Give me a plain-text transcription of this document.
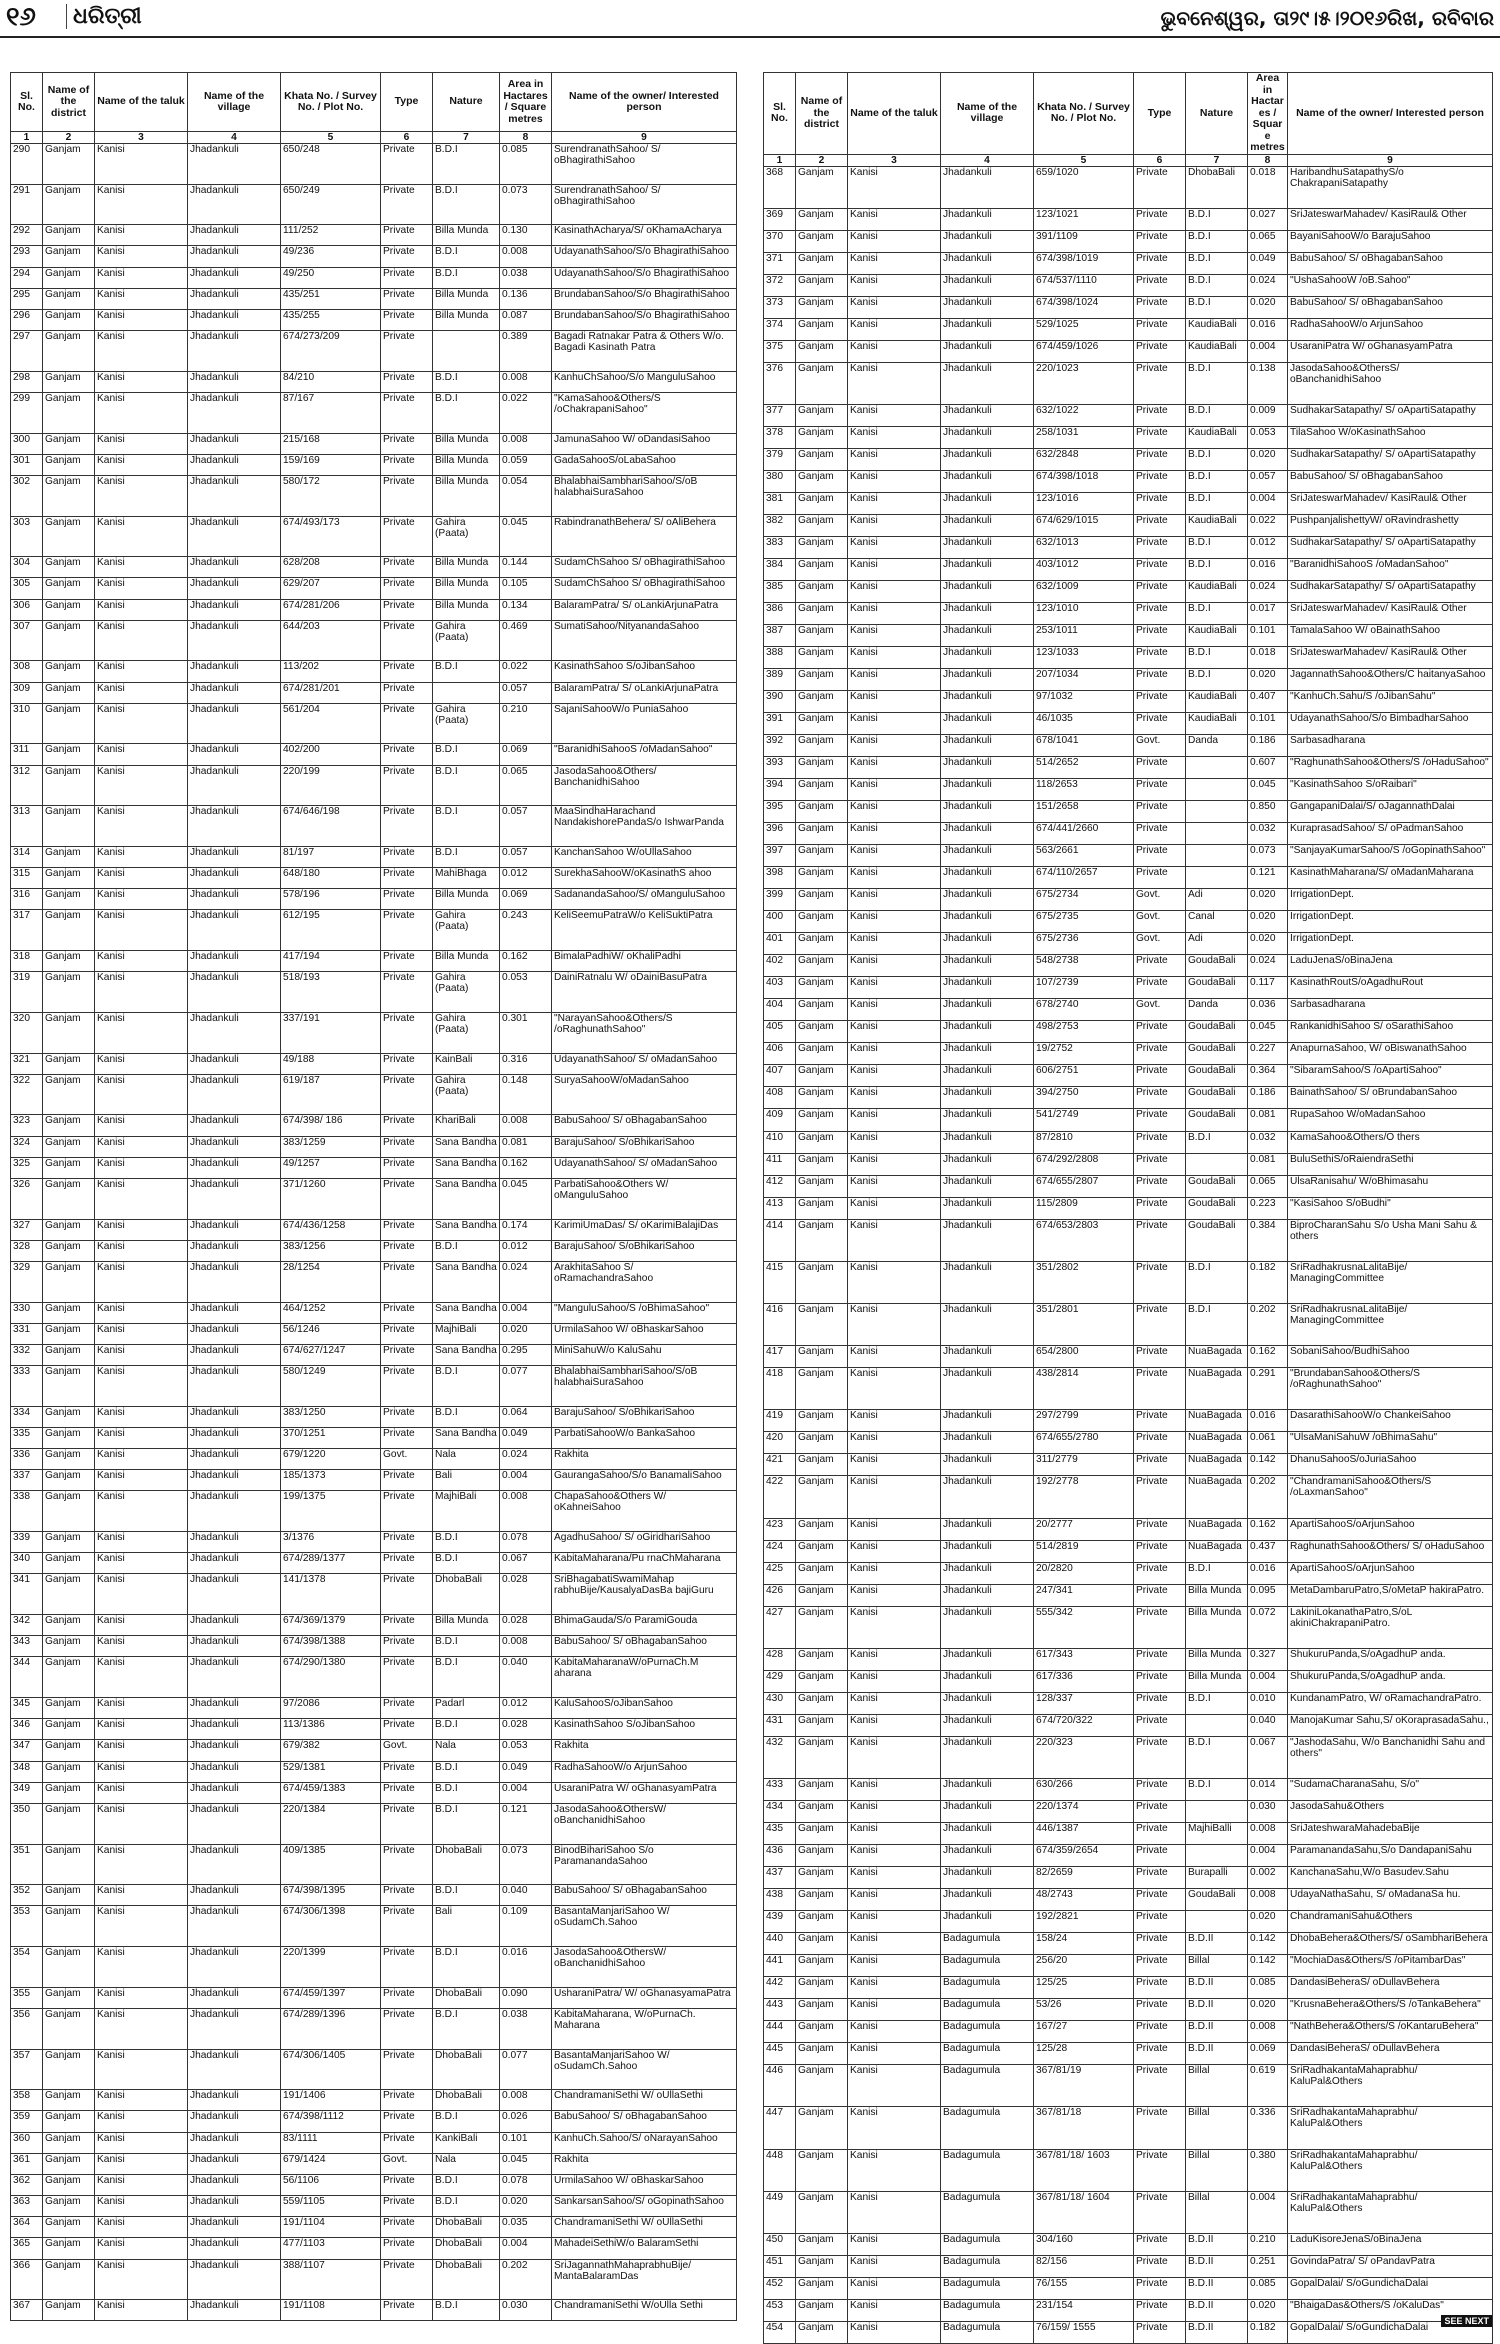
୧୬	ଧରିତ୍ରୀ	ଭୁବନେଶ୍ୱର, ତା୨୯।୫।୨୦୧୬ରିଖ, ରବିବାର
Sl. No.	Name of the district	Name of the taluk	Name of the village	Khata No. / Survey No. / Plot No.	Type	Nature	Area in Hactares / Square metres	Name of the owner/ Interested person
1	2	3	4	5	6	7	8	9
290	Ganjam	Kanisi	Jhadankuli	650/248	Private	B.D.I	0.085	SurendranathSahoo/ S/ oBhagirathiSahoo
291	Ganjam	Kanisi	Jhadankuli	650/249	Private	B.D.I	0.073	SurendranathSahoo/ S/ oBhagirathiSahoo
292	Ganjam	Kanisi	Jhadankuli	111/252	Private	Billa Munda	0.130	KasinathAcharya/S/ oKhamaAcharya
293	Ganjam	Kanisi	Jhadankuli	49/236	Private	B.D.I	0.008	UdayanathSahoo/S/o BhagirathiSahoo
294	Ganjam	Kanisi	Jhadankuli	49/250	Private	B.D.I	0.038	UdayanathSahoo/S/o BhagirathiSahoo
295	Ganjam	Kanisi	Jhadankuli	435/251	Private	Billa Munda	0.136	BrundabanSahoo/S/o BhagirathiSahoo
296	Ganjam	Kanisi	Jhadankuli	435/255	Private	Billa Munda	0.087	BrundabanSahoo/S/o BhagirathiSahoo
297	Ganjam	Kanisi	Jhadankuli	674/273/209	Private		0.389	Bagadi Ratnakar Patra & Others W/o. Bagadi Kasinath Patra
298	Ganjam	Kanisi	Jhadankuli	84/210	Private	B.D.I	0.008	KanhuChSahoo/S/o ManguluSahoo
299	Ganjam	Kanisi	Jhadankuli	87/167	Private	B.D.I	0.022	"KamaSahoo&Others/S /oChakrapaniSahoo"
300	Ganjam	Kanisi	Jhadankuli	215/168	Private	Billa Munda	0.008	JamunaSahoo W/ oDandasiSahoo
301	Ganjam	Kanisi	Jhadankuli	159/169	Private	Billa Munda	0.059	GadaSahooS/oLabaSahoo
302	Ganjam	Kanisi	Jhadankuli	580/172	Private	Billa Munda	0.054	BhalabhaiSambhariSahoo/S/oB halabhaiSuraSahoo
303	Ganjam	Kanisi	Jhadankuli	674/493/173	Private	Gahira (Paata)	0.045	RabindranathBehera/ S/ oAliBehera
304	Ganjam	Kanisi	Jhadankuli	628/208	Private	Billa Munda	0.144	SudamChSahoo S/ oBhagirathiSahoo
305	Ganjam	Kanisi	Jhadankuli	629/207	Private	Billa Munda	0.105	SudamChSahoo S/ oBhagirathiSahoo
306	Ganjam	Kanisi	Jhadankuli	674/281/206	Private	Billa Munda	0.134	BalaramPatra/ S/ oLankiArjunaPatra
307	Ganjam	Kanisi	Jhadankuli	644/203	Private	Gahira (Paata)	0.469	SumatiSahoo/NityanandaSahoo
308	Ganjam	Kanisi	Jhadankuli	113/202	Private	B.D.I	0.022	KasinathSahoo S/oJibanSahoo
309	Ganjam	Kanisi	Jhadankuli	674/281/201	Private		0.057	BalaramPatra/ S/ oLankiArjunaPatra
310	Ganjam	Kanisi	Jhadankuli	561/204	Private	Gahira (Paata)	0.210	SajaniSahooW/o PuniaSahoo
311	Ganjam	Kanisi	Jhadankuli	402/200	Private	B.D.I	0.069	"BaranidhiSahooS /oMadanSahoo"
312	Ganjam	Kanisi	Jhadankuli	220/199	Private	B.D.I	0.065	JasodaSahoo&Others/ BanchanidhiSahoo
313	Ganjam	Kanisi	Jhadankuli	674/646/198	Private	B.D.I	0.057	MaaSindhaHarachand NandakishorePandaS/o IshwarPanda
314	Ganjam	Kanisi	Jhadankuli	81/197	Private	B.D.I	0.057	KanchanSahoo W/oUllaSahoo
315	Ganjam	Kanisi	Jhadankuli	648/180	Private	MahiBhaga	0.012	SurekhaSahooW/oKasinathS ahoo
316	Ganjam	Kanisi	Jhadankuli	578/196	Private	Billa Munda	0.069	SadanandaSahoo/S/ oManguluSahoo
317	Ganjam	Kanisi	Jhadankuli	612/195	Private	Gahira (Paata)	0.243	KeliSeemuPatraW/o KeliSuktiPatra
318	Ganjam	Kanisi	Jhadankuli	417/194	Private	Billa Munda	0.162	BimalaPadhiW/ oKhaliPadhi
319	Ganjam	Kanisi	Jhadankuli	518/193	Private	Gahira (Paata)	0.053	DainiRatnalu W/ oDainiBasuPatra
320	Ganjam	Kanisi	Jhadankuli	337/191	Private	Gahira (Paata)	0.301	"NarayanSahoo&Others/S /oRaghunathSahoo"
321	Ganjam	Kanisi	Jhadankuli	49/188	Private	KainBali	0.316	UdayanathSahoo/ S/ oMadanSahoo
322	Ganjam	Kanisi	Jhadankuli	619/187	Private	Gahira (Paata)	0.148	SuryaSahooW/oMadanSahoo
323	Ganjam	Kanisi	Jhadankuli	674/398/ 186	Private	KhariBali	0.008	BabuSahoo/ S/ oBhagabanSahoo
324	Ganjam	Kanisi	Jhadankuli	383/1259	Private	Sana Bandha	0.081	BarajuSahoo/ S/oBhikariSahoo
325	Ganjam	Kanisi	Jhadankuli	49/1257	Private	Sana Bandha	0.162	UdayanathSahoo/ S/ oMadanSahoo
326	Ganjam	Kanisi	Jhadankuli	371/1260	Private	Sana Bandha	0.045	ParbatiSahoo&Others W/ oManguluSahoo
327	Ganjam	Kanisi	Jhadankuli	674/436/1258	Private	Sana Bandha	0.174	KarimiUmaDas/ S/ oKarimiBalajiDas
328	Ganjam	Kanisi	Jhadankuli	383/1256	Private	B.D.I	0.012	BarajuSahoo/ S/oBhikariSahoo
329	Ganjam	Kanisi	Jhadankuli	28/1254	Private	Sana Bandha	0.024	ArakhitaSahoo S/ oRamachandraSahoo
330	Ganjam	Kanisi	Jhadankuli	464/1252	Private	Sana Bandha	0.004	"ManguluSahoo/S /oBhimaSahoo"
331	Ganjam	Kanisi	Jhadankuli	56/1246	Private	MajhiBali	0.020	UrmilaSahoo W/ oBhaskarSahoo
332	Ganjam	Kanisi	Jhadankuli	674/627/1247	Private	Sana Bandha	0.295	MiniSahuW/o KaluSahu
333	Ganjam	Kanisi	Jhadankuli	580/1249	Private	B.D.I	0.077	BhalabhaiSambhariSahoo/S/oB halabhaiSuraSahoo
334	Ganjam	Kanisi	Jhadankuli	383/1250	Private	B.D.I	0.064	BarajuSahoo/ S/oBhikariSahoo
335	Ganjam	Kanisi	Jhadankuli	370/1251	Private	Sana Bandha	0.049	ParbatiSahooW/o BankaSahoo
336	Ganjam	Kanisi	Jhadankuli	679/1220	Govt.	Nala	0.024	Rakhita
337	Ganjam	Kanisi	Jhadankuli	185/1373	Private	Bali	0.004	GaurangaSahoo/S/o BanamaliSahoo
338	Ganjam	Kanisi	Jhadankuli	199/1375	Private	MajhiBali	0.008	ChapaSahoo&Others W/ oKahneiSahoo
339	Ganjam	Kanisi	Jhadankuli	3/1376	Private	B.D.I	0.078	AgadhuSahoo/ S/ oGiridhariSahoo
340	Ganjam	Kanisi	Jhadankuli	674/289/1377	Private	B.D.I	0.067	KabitaMaharana/Pu rnaChMaharana
341	Ganjam	Kanisi	Jhadankuli	141/1378	Private	DhobaBali	0.028	SriBhagabatiSwamiMahap rabhuBije/KausalyaDasBa bajiGuru
342	Ganjam	Kanisi	Jhadankuli	674/369/1379	Private	Billa Munda	0.028	BhimaGauda/S/o ParamiGouda
343	Ganjam	Kanisi	Jhadankuli	674/398/1388	Private	B.D.I	0.008	BabuSahoo/ S/ oBhagabanSahoo
344	Ganjam	Kanisi	Jhadankuli	674/290/1380	Private	B.D.I	0.040	KabitaMaharanaW/oPurnaCh.M aharana
345	Ganjam	Kanisi	Jhadankuli	97/2086	Private	Padarl	0.012	KaluSahooS/oJibanSahoo
346	Ganjam	Kanisi	Jhadankuli	113/1386	Private	B.D.I	0.028	KasinathSahoo S/oJibanSahoo
347	Ganjam	Kanisi	Jhadankuli	679/382	Govt.	Nala	0.053	Rakhita
348	Ganjam	Kanisi	Jhadankuli	529/1381	Private	B.D.I	0.049	RadhaSahooW/o ArjunSahoo
349	Ganjam	Kanisi	Jhadankuli	674/459/1383	Private	B.D.I	0.004	UsaraniPatra W/ oGhanasyamPatra
350	Ganjam	Kanisi	Jhadankuli	220/1384	Private	B.D.I	0.121	JasodaSahoo&OthersW/ oBanchanidhiSahoo
351	Ganjam	Kanisi	Jhadankuli	409/1385	Private	DhobaBali	0.073	BinodBihariSahoo S/o ParamanandaSahoo
352	Ganjam	Kanisi	Jhadankuli	674/398/1395	Private	B.D.I	0.040	BabuSahoo/ S/ oBhagabanSahoo
353	Ganjam	Kanisi	Jhadankuli	674/306/1398	Private	Bali	0.109	BasantaManjariSahoo W/ oSudamCh.Sahoo
354	Ganjam	Kanisi	Jhadankuli	220/1399	Private	B.D.I	0.016	JasodaSahoo&OthersW/ oBanchanidhiSahoo
355	Ganjam	Kanisi	Jhadankuli	674/459/1397	Private	DhobaBali	0.090	UsharaniPatra/ W/ oGhanasyamaPatra
356	Ganjam	Kanisi	Jhadankuli	674/289/1396	Private	B.D.I	0.038	KabitaMaharana, W/oPurnaCh. Maharana
357	Ganjam	Kanisi	Jhadankuli	674/306/1405	Private	DhobaBali	0.077	BasantaManjariSahoo W/ oSudamCh.Sahoo
358	Ganjam	Kanisi	Jhadankuli	191/1406	Private	DhobaBali	0.008	ChandramaniSethi W/ oUllaSethi
359	Ganjam	Kanisi	Jhadankuli	674/398/1112	Private	B.D.I	0.026	BabuSahoo/ S/ oBhagabanSahoo
360	Ganjam	Kanisi	Jhadankuli	83/1111	Private	KankiBali	0.101	KanhuCh.Sahoo/S/ oNarayanSahoo
361	Ganjam	Kanisi	Jhadankuli	679/1424	Govt.	Nala	0.045	Rakhita
362	Ganjam	Kanisi	Jhadankuli	56/1106	Private	B.D.I	0.078	UrmilaSahoo W/ oBhaskarSahoo
363	Ganjam	Kanisi	Jhadankuli	559/1105	Private	B.D.I	0.020	SankarsanSahoo/S/ oGopinathSahoo
364	Ganjam	Kanisi	Jhadankuli	191/1104	Private	DhobaBali	0.035	ChandramaniSethi W/ oUllaSethi
365	Ganjam	Kanisi	Jhadankuli	477/1103	Private	DhobaBali	0.004	MahadeiSethiW/o BalaramSethi
366	Ganjam	Kanisi	Jhadankuli	388/1107	Private	DhobaBali	0.202	SriJagannathMahaprabhuBije/ MantaBalaramDas
367	Ganjam	Kanisi	Jhadankuli	191/1108	Private	B.D.I	0.030	ChandramaniSethi W/oUlla Sethi
Sl. No.	Name of the district	Name of the taluk	Name of the village	Khata No. / Survey No. / Plot No.	Type	Nature	Area in Hactares / Square metres	Name of the owner/ Interested person
1	2	3	4	5	6	7	8	9
368	Ganjam	Kanisi	Jhadankuli	659/1020	Private	DhobaBali	0.018	HaribandhuSatapathyS/o ChakrapaniSatapathy
369	Ganjam	Kanisi	Jhadankuli	123/1021	Private	B.D.I	0.027	SriJateswarMahadev/ KasiRaul& Other
370	Ganjam	Kanisi	Jhadankuli	391/1109	Private	B.D.I	0.065	BayaniSahooW/o BarajuSahoo
371	Ganjam	Kanisi	Jhadankuli	674/398/1019	Private	B.D.I	0.049	BabuSahoo/ S/ oBhagabanSahoo
372	Ganjam	Kanisi	Jhadankuli	674/537/1110	Private	B.D.I	0.024	"UshaSahooW /oB.Sahoo"
373	Ganjam	Kanisi	Jhadankuli	674/398/1024	Private	B.D.I	0.020	BabuSahoo/ S/ oBhagabanSahoo
374	Ganjam	Kanisi	Jhadankuli	529/1025	Private	KaudiaBali	0.016	RadhaSahooW/o ArjunSahoo
375	Ganjam	Kanisi	Jhadankuli	674/459/1026	Private	KaudiaBali	0.004	UsaraniPatra W/ oGhanasyamPatra
376	Ganjam	Kanisi	Jhadankuli	220/1023	Private	B.D.I	0.138	JasodaSahoo&OthersS/ oBanchanidhiSahoo
377	Ganjam	Kanisi	Jhadankuli	632/1022	Private	B.D.I	0.009	SudhakarSatapathy/ S/ oApartiSatapathy
378	Ganjam	Kanisi	Jhadankuli	258/1031	Private	KaudiaBali	0.053	TilaSahoo W/oKasinathSahoo
379	Ganjam	Kanisi	Jhadankuli	632/2848	Private	B.D.I	0.020	SudhakarSatapathy/ S/ oApartiSatapathy
380	Ganjam	Kanisi	Jhadankuli	674/398/1018	Private	B.D.I	0.057	BabuSahoo/ S/ oBhagabanSahoo
381	Ganjam	Kanisi	Jhadankuli	123/1016	Private	B.D.I	0.004	SriJateswarMahadev/ KasiRaul& Other
382	Ganjam	Kanisi	Jhadankuli	674/629/1015	Private	KaudiaBali	0.022	PushpanjalishettyW/ oRavindrashetty
383	Ganjam	Kanisi	Jhadankuli	632/1013	Private	B.D.I	0.012	SudhakarSatapathy/ S/ oApartiSatapathy
384	Ganjam	Kanisi	Jhadankuli	403/1012	Private	B.D.I	0.016	"BaranidhiSahooS /oMadanSahoo"
385	Ganjam	Kanisi	Jhadankuli	632/1009	Private	KaudiaBali	0.024	SudhakarSatapathy/ S/ oApartiSatapathy
386	Ganjam	Kanisi	Jhadankuli	123/1010	Private	B.D.I	0.017	SriJateswarMahadev/ KasiRaul& Other
387	Ganjam	Kanisi	Jhadankuli	253/1011	Private	KaudiaBali	0.101	TamalaSahoo W/ oBainathSahoo
388	Ganjam	Kanisi	Jhadankuli	123/1033	Private	B.D.I	0.018	SriJateswarMahadev/ KasiRaul& Other
389	Ganjam	Kanisi	Jhadankuli	207/1034	Private	B.D.I	0.020	JagannathSahoo&Others/C haitanyaSahoo
390	Ganjam	Kanisi	Jhadankuli	97/1032	Private	KaudiaBali	0.407	"KanhuCh.Sahu/S /oJibanSahu"
391	Ganjam	Kanisi	Jhadankuli	46/1035	Private	KaudiaBali	0.101	UdayanathSahoo/S/o BimbadharSahoo
392	Ganjam	Kanisi	Jhadankuli	678/1041	Govt.	Danda	0.186	Sarbasadharana
393	Ganjam	Kanisi	Jhadankuli	514/2652	Private		0.607	"RaghunathSahoo&Others/S /oHaduSahoo"
394	Ganjam	Kanisi	Jhadankuli	118/2653	Private		0.045	"KasinathSahoo S/oRaibari"
395	Ganjam	Kanisi	Jhadankuli	151/2658	Private		0.850	GangapaniDalai/S/ oJagannathDalai
396	Ganjam	Kanisi	Jhadankuli	674/441/2660	Private		0.032	KuraprasadSahoo/ S/ oPadmanSahoo
397	Ganjam	Kanisi	Jhadankuli	563/2661	Private		0.073	"SanjayaKumarSahoo/S /oGopinathSahoo"
398	Ganjam	Kanisi	Jhadankuli	674/110/2657	Private		0.121	KasinathMaharana/S/ oMadanMaharana
399	Ganjam	Kanisi	Jhadankuli	675/2734	Govt.	Adi	0.020	IrrigationDept.
400	Ganjam	Kanisi	Jhadankuli	675/2735	Govt.	Canal	0.020	IrrigationDept.
401	Ganjam	Kanisi	Jhadankuli	675/2736	Govt.	Adi	0.020	IrrigationDept.
402	Ganjam	Kanisi	Jhadankuli	548/2738	Private	GoudaBali	0.024	LaduJenaS/oBinaJena
403	Ganjam	Kanisi	Jhadankuli	107/2739	Private	GoudaBali	0.117	KasinathRoutS/oAgadhuRout
404	Ganjam	Kanisi	Jhadankuli	678/2740	Govt.	Danda	0.036	Sarbasadharana
405	Ganjam	Kanisi	Jhadankuli	498/2753	Private	GoudaBali	0.045	RankanidhiSahoo S/ oSarathiSahoo
406	Ganjam	Kanisi	Jhadankuli	19/2752	Private	GoudaBali	0.227	AnapurnaSahoo, W/ oBiswanathSahoo
407	Ganjam	Kanisi	Jhadankuli	606/2751	Private	GoudaBali	0.364	"SibaramSahoo/S /oApartiSahoo"
408	Ganjam	Kanisi	Jhadankuli	394/2750	Private	GoudaBali	0.186	BainathSahoo/ S/ oBrundabanSahoo
409	Ganjam	Kanisi	Jhadankuli	541/2749	Private	GoudaBali	0.081	RupaSahoo W/oMadanSahoo
410	Ganjam	Kanisi	Jhadankuli	87/2810	Private	B.D.I	0.032	KamaSahoo&Others/O thers
411	Ganjam	Kanisi	Jhadankuli	674/292/2808	Private		0.081	BuluSethiS/oRaiendraSethi
412	Ganjam	Kanisi	Jhadankuli	674/655/2807	Private	GoudaBali	0.065	UlsaRanisahu/ W/oBhimasahu
413	Ganjam	Kanisi	Jhadankuli	115/2809	Private	GoudaBali	0.223	"KasiSahoo S/oBudhi"
414	Ganjam	Kanisi	Jhadankuli	674/653/2803	Private	GoudaBali	0.384	BiproCharanSahu S/o Usha Mani Sahu & others
415	Ganjam	Kanisi	Jhadankuli	351/2802	Private	B.D.I	0.182	SriRadhakrusnaLalitaBije/ ManagingCommittee
416	Ganjam	Kanisi	Jhadankuli	351/2801	Private	B.D.I	0.202	SriRadhakrusnaLalitaBije/ ManagingCommittee
417	Ganjam	Kanisi	Jhadankuli	654/2800	Private	NuaBagada	0.162	SobaniSahoo/BudhiSahoo
418	Ganjam	Kanisi	Jhadankuli	438/2814	Private	NuaBagada	0.291	"BrundabanSahoo&Others/S /oRaghunathSahoo"
419	Ganjam	Kanisi	Jhadankuli	297/2799	Private	NuaBagada	0.016	DasarathiSahooW/o ChankeiSahoo
420	Ganjam	Kanisi	Jhadankuli	674/655/2780	Private	NuaBagada	0.061	"UlsaManiSahuW /oBhimaSahu"
421	Ganjam	Kanisi	Jhadankuli	311/2779	Private	NuaBagada	0.142	DhanuSahooS/oJuriaSahoo
422	Ganjam	Kanisi	Jhadankuli	192/2778	Private	NuaBagada	0.202	"ChandramaniSahoo&Others/S /oLaxmanSahoo"
423	Ganjam	Kanisi	Jhadankuli	20/2777	Private	NuaBagada	0.162	ApartiSahooS/oArjunSahoo
424	Ganjam	Kanisi	Jhadankuli	514/2819	Private	NuaBagada	0.437	RaghunathSahoo&Others/ S/ oHaduSahoo
425	Ganjam	Kanisi	Jhadankuli	20/2820	Private	B.D.I	0.016	ApartiSahooS/oArjunSahoo
426	Ganjam	Kanisi	Jhadankuli	247/341	Private	Billa Munda	0.095	MetaDambaruPatro,S/oMetaP hakiraPatro.
427	Ganjam	Kanisi	Jhadankuli	555/342	Private	Billa Munda	0.072	LakiniLokanathaPatro,S/oL akiniChakrapaniPatro.
428	Ganjam	Kanisi	Jhadankuli	617/343	Private	Billa Munda	0.327	ShukuruPanda,S/oAgadhuP anda.
429	Ganjam	Kanisi	Jhadankuli	617/336	Private	Billa Munda	0.004	ShukuruPanda,S/oAgadhuP anda.
430	Ganjam	Kanisi	Jhadankuli	128/337	Private	B.D.I	0.010	KundanamPatro, W/ oRamachandraPatro.
431	Ganjam	Kanisi	Jhadankuli	674/720/322	Private		0.040	ManojaKumar Sahu,S/ oKoraprasadaSahu.,
432	Ganjam	Kanisi	Jhadankuli	220/323	Private	B.D.I	0.067	"JashodaSahu, W/o Banchanidhi Sahu and others"
433	Ganjam	Kanisi	Jhadankuli	630/266	Private	B.D.I	0.014	"SudamaCharanaSahu, S/o"
434	Ganjam	Kanisi	Jhadankuli	220/1374	Private		0.030	JasodaSahu&Others
435	Ganjam	Kanisi	Jhadankuli	446/1387	Private	MajhiBalli	0.008	SriJateshwaraMahadebaBije
436	Ganjam	Kanisi	Jhadankuli	674/359/2654	Private		0.004	ParamanandaSahu,S/o DandapaniSahu
437	Ganjam	Kanisi	Jhadankuli	82/2659	Private	Burapalli	0.002	KanchanaSahu,W/o Basudev.Sahu
438	Ganjam	Kanisi	Jhadankuli	48/2743	Private	GoudaBali	0.008	UdayaNathaSahu, S/ oMadanaSa hu.
439	Ganjam	Kanisi	Jhadankuli	192/2821	Private		0.020	ChandramaniSahu&Others
440	Ganjam	Kanisi	Badagumula	158/24	Private	B.D.II	0.142	DhobaBehera&Others/S/ oSambhariBehera
441	Ganjam	Kanisi	Badagumula	256/20	Private	Billal	0.142	"MochiaDas&Others/S /oPitambarDas"
442	Ganjam	Kanisi	Badagumula	125/25	Private	B.D.II	0.085	DandasiBeheraS/ oDullavBehera
443	Ganjam	Kanisi	Badagumula	53/26	Private	B.D.II	0.020	"KrusnaBehera&Others/S /oTankaBehera"
444	Ganjam	Kanisi	Badagumula	167/27	Private	B.D.II	0.008	"NathBehera&Others/S /oKantaruBehera"
445	Ganjam	Kanisi	Badagumula	125/28	Private	B.D.II	0.069	DandasiBeheraS/ oDullavBehera
446	Ganjam	Kanisi	Badagumula	367/81/19	Private	Billal	0.619	SriRadhakantaMahaprabhu/ KaluPal&Others
447	Ganjam	Kanisi	Badagumula	367/81/18	Private	Billal	0.336	SriRadhakantaMahaprabhu/ KaluPal&Others
448	Ganjam	Kanisi	Badagumula	367/81/18/ 1603	Private	Billal	0.380	SriRadhakantaMahaprabhu/ KaluPal&Others
449	Ganjam	Kanisi	Badagumula	367/81/18/ 1604	Private	Billal	0.004	SriRadhakantaMahaprabhu/ KaluPal&Others
450	Ganjam	Kanisi	Badagumula	304/160	Private	B.D.II	0.210	LaduKisoreJenaS/oBinaJena
451	Ganjam	Kanisi	Badagumula	82/156	Private	B.D.II	0.251	GovindaPatra/ S/ oPandavPatra
452	Ganjam	Kanisi	Badagumula	76/155	Private	B.D.II	0.085	GopalDalai/ S/oGundichaDalai
453	Ganjam	Kanisi	Badagumula	231/154	Private	B.D.II	0.020	"BhaigaDas&Others/S /oKaluDas"
454	Ganjam	Kanisi	Badagumula	76/159/ 1555	Private	B.D.II	0.182	GopalDalai/ S/oGundichaDalai
SEE NEXT
